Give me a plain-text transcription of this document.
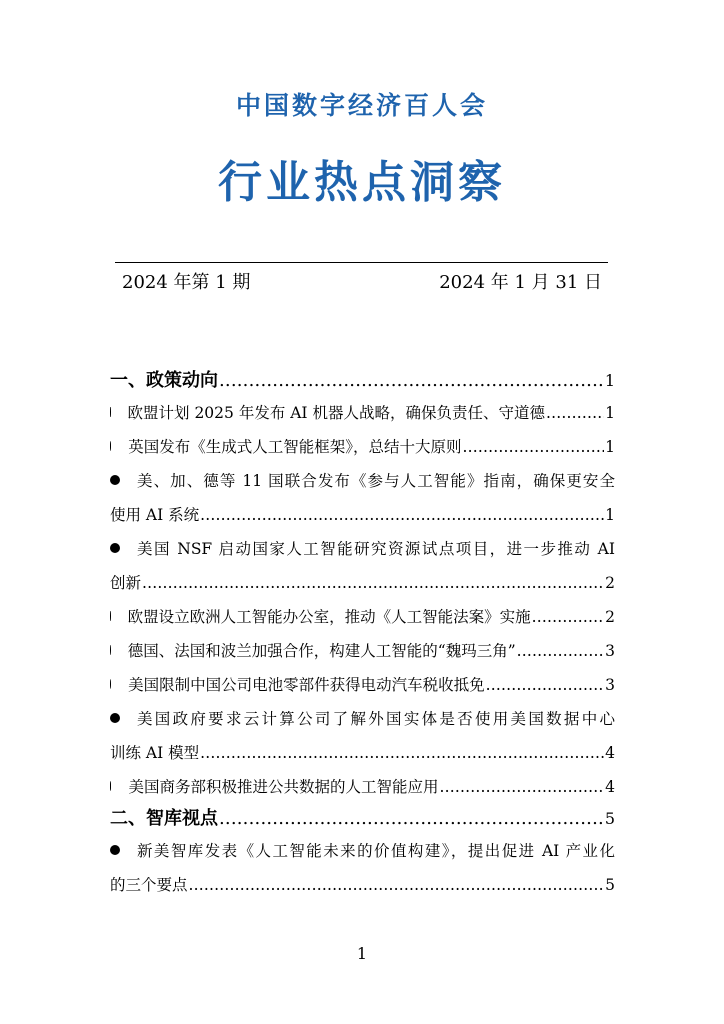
中国数字经济百人会
行业热点洞察
2024 年第 1 期	2024 年 1 月 31 日
一、政策动向 .....	1
欧盟计划 2025 年发布 AI 机器人战略，确保负责任、守道德 .....	1
英国发布《生成式人工智能框架》，总结十大原则 .....	1
美、加、德等 11 国联合发布《参与人工智能》指南，确保更安全
使用 AI 系统 .....	1
美国 NSF 启动国家人工智能研究资源试点项目，进一步推动 AI
创新 .....	2
欧盟设立欧洲人工智能办公室，推动《人工智能法案》实施 .....	2
德国、法国和波兰加强合作，构建人工智能的“魏玛三角” .....	3
美国限制中国公司电池零部件获得电动汽车税收抵免 .....	3
美国政府要求云计算公司了解外国实体是否使用美国数据中心
训练 AI 模型 .....	4
美国商务部积极推进公共数据的人工智能应用 .....	4
二、智库视点 .....	5
新美智库发表《人工智能未来的价值构建》，提出促进 AI 产业化
的三个要点 .....	5
1
